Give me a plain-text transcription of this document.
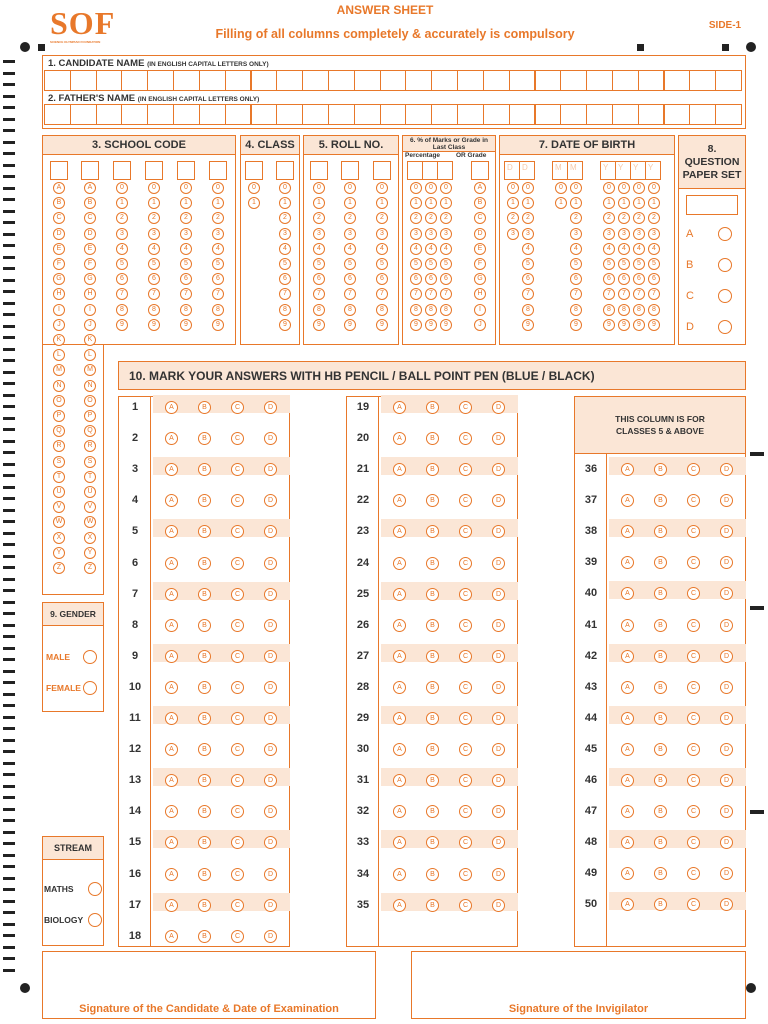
SOF
SCIENCE OLYMPIAD FOUNDATION
ANSWER SHEET
Filling of all columns completely & accurately is compulsory
SIDE-1
1. CANDIDATE NAME (IN ENGLISH CAPITAL LETTERS ONLY)
2. FATHER'S NAME (IN ENGLISH CAPITAL LETTERS ONLY)
3. SCHOOL CODE	4. CLASS	5. ROLL NO.	6. % of Marks or Grade in Last Class
Percentage OR Grade
7. DATE OF BIRTH	8. QUESTION PAPER SET
A
B
C
D
E
F
G
H
I
J
K
L
M
N
O
P
Q
R
S
T
U
V
W
X
Y
Z
A
B
C
D
E
F
G
H
I
J
K
L
M
N
O
P
Q
R
S
T
U
V
W
X
Y
Z
0
1
2
3
4
5
6
7
8
9
0
1
2
3
4
5
6
7
8
9
0
1
2
3
4
5
6
7
8
9
0
1
2
3
4
5
6
7
8
9
0
1
0
1
2
3
4
5
6
7
8
9
0
1
2
3
4
5
6
7
8
9
0
1
2
3
4
5
6
7
8
9
0
1
2
3
4
5
6
7
8
9
0
1
2
3
4
5
6
7
8
9
0
1
2
3
4
5
6
7
8
9
0
1
2
3
4
5
6
7
8
9
A
B
C
D
E
F
G
H
I
J
D
0
1
2
3
D
0
1
2
3
4
5
6
7
8
9
M
0
1
M
0
1
2
3
4
5
6
7
8
9
Y
0
1
2
3
4
5
6
7
8
9
Y
0
1
2
3
4
5
6
7
8
9
Y
0
1
2
3
4
5
6
7
8
9
Y
0
1
2
3
4
5
6
7
8
9
A
B
C
D
9. GENDER
MALE
FEMALE
STREAM
MATHS
BIOLOGY
10. MARK YOUR ANSWERS WITH HB PENCIL / BALL POINT PEN (BLUE / BLACK)
THIS COLUMN IS FOR CLASSES 5 & ABOVE
1	A	B	C	D
2	A	B	C	D
3	A	B	C	D
4	A	B	C	D
5	A	B	C	D
6	A	B	C	D
7	A	B	C	D
8	A	B	C	D
9	A	B	C	D
10	A	B	C	D
11	A	B	C	D
12	A	B	C	D
13	A	B	C	D
14	A	B	C	D
15	A	B	C	D
16	A	B	C	D
17	A	B	C	D
18	A	B	C	D
19	A	B	C	D
20	A	B	C	D
21	A	B	C	D
22	A	B	C	D
23	A	B	C	D
24	A	B	C	D
25	A	B	C	D
26	A	B	C	D
27	A	B	C	D
28	A	B	C	D
29	A	B	C	D
30	A	B	C	D
31	A	B	C	D
32	A	B	C	D
33	A	B	C	D
34	A	B	C	D
35	A	B	C	D
36	A	B	C	D
37	A	B	C	D
38	A	B	C	D
39	A	B	C	D
40	A	B	C	D
41	A	B	C	D
42	A	B	C	D
43	A	B	C	D
44	A	B	C	D
45	A	B	C	D
46	A	B	C	D
47	A	B	C	D
48	A	B	C	D
49	A	B	C	D
50	A	B	C	D
Signature of the Candidate & Date of Examination	Signature of the Invigilator
